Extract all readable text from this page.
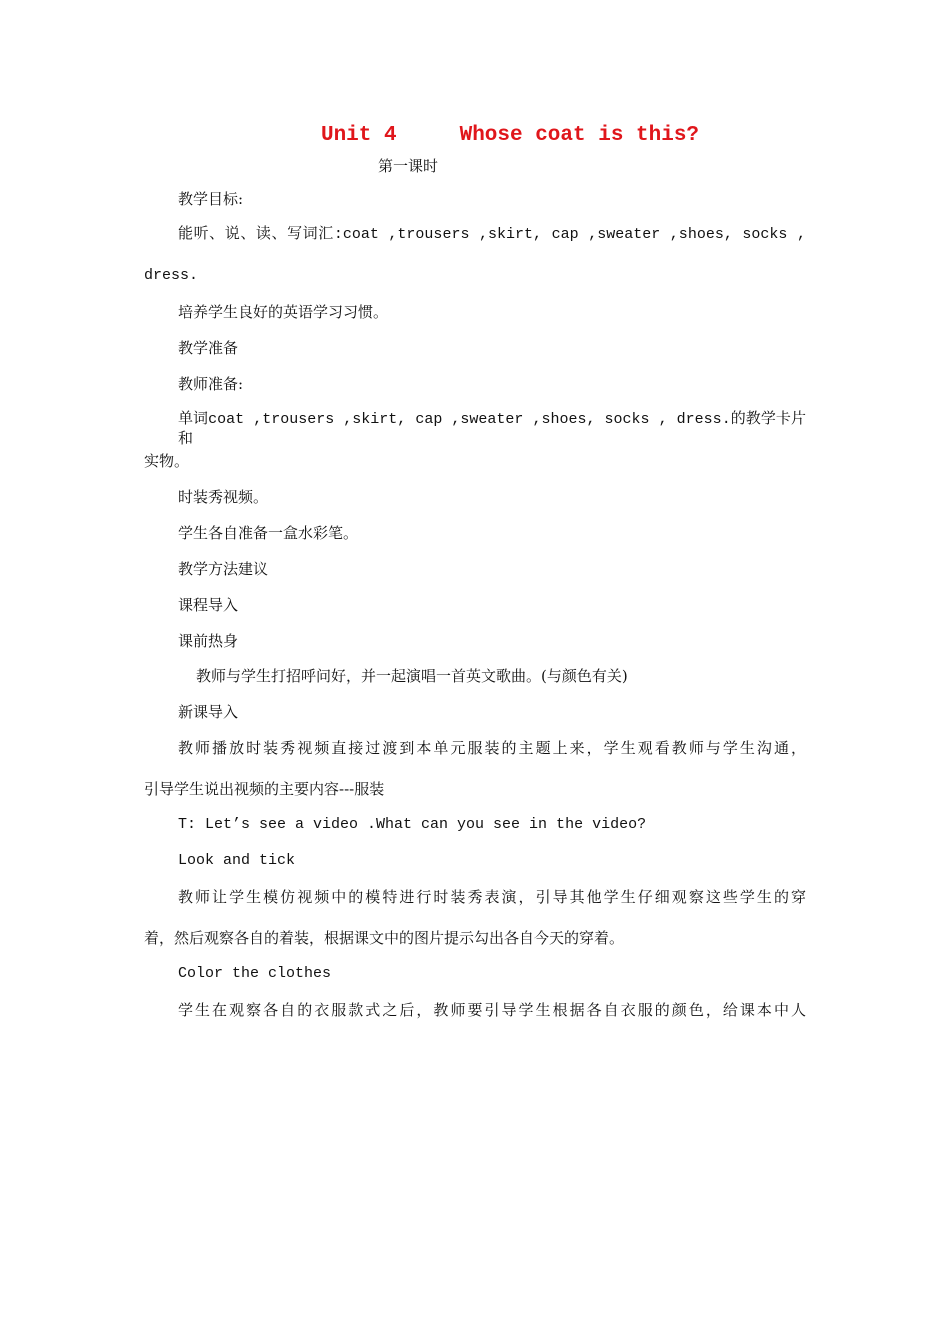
Unit 4     Whose coat is this?
第一课时
教学目标:
能听、说、读、写词汇:coat ,trousers ,skirt, cap ,sweater ,shoes, socks ,
dress.
培养学生良好的英语学习习惯。
教学准备
教师准备:
单词coat ,trousers ,skirt, cap ,sweater ,shoes, socks , dress.的教学卡片和
实物。
时装秀视频。
学生各自准备一盒水彩笔。
教学方法建议
课程导入
课前热身
教师与学生打招呼问好，并一起演唱一首英文歌曲。(与颜色有关)
新课导入
教师播放时装秀视频直接过渡到本单元服装的主题上来，学生观看教师与学生沟通，
引导学生说出视频的主要内容---服装
T: Let’s see a video .What can you see in the video?
Look and tick
教师让学生模仿视频中的模特进行时装秀表演，引导其他学生仔细观察这些学生的穿
着，然后观察各自的着装，根据课文中的图片提示勾出各自今天的穿着。
Color the clothes
学生在观察各自的衣服款式之后，教师要引导学生根据各自衣服的颜色，给课本中人
